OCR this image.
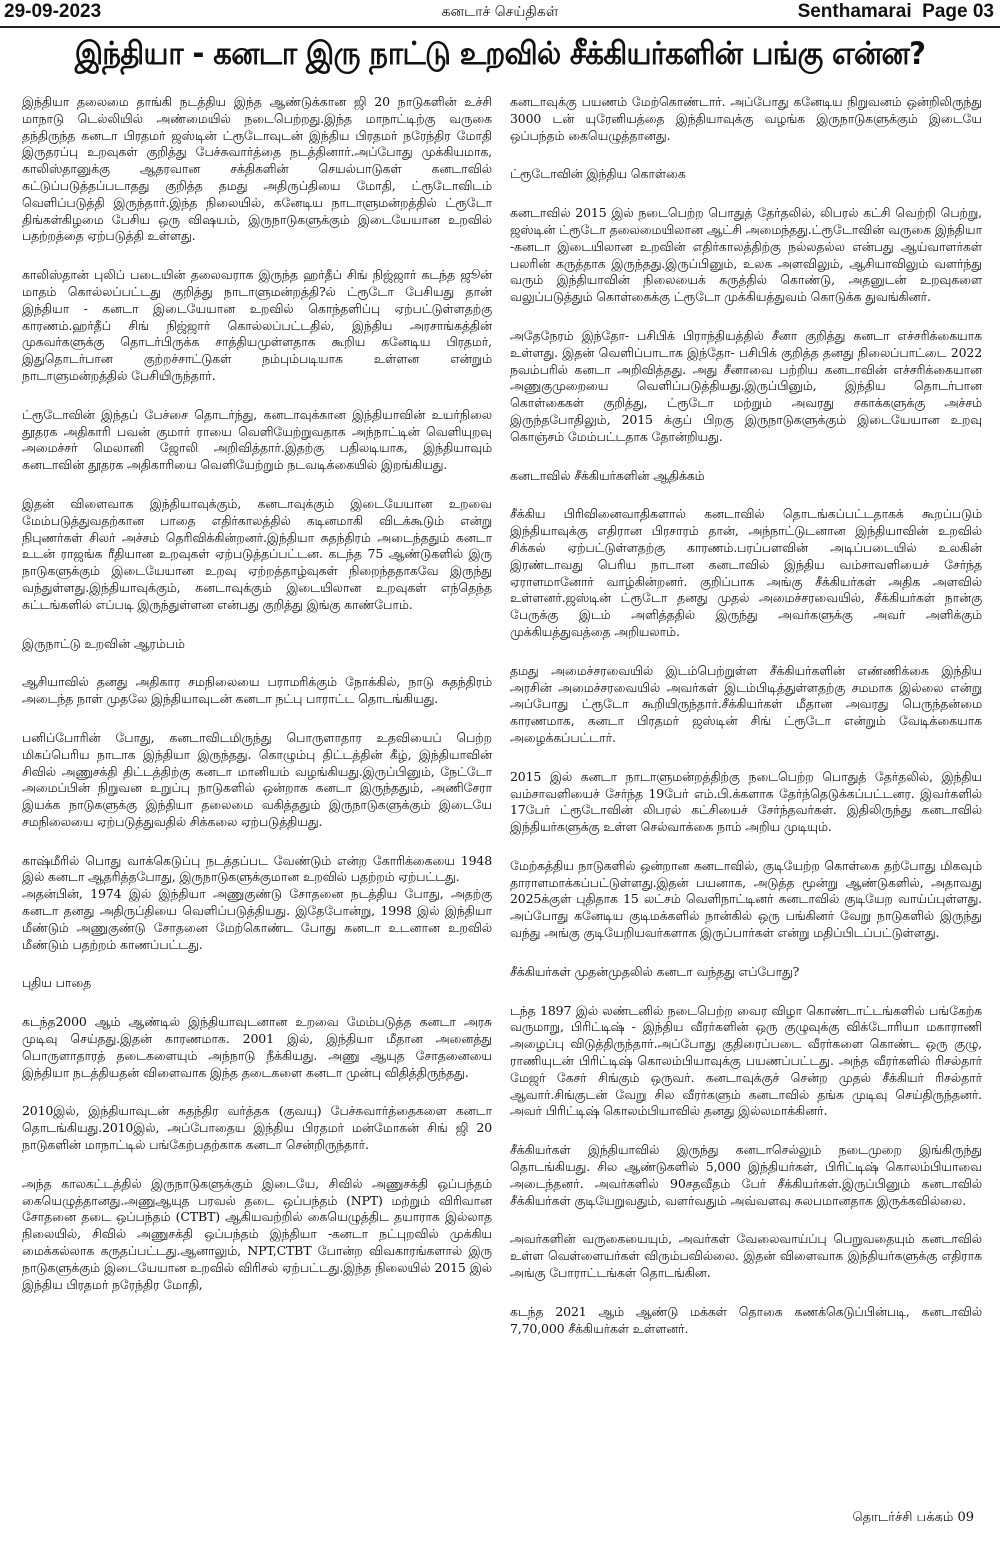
29-09-2023	கனடாச் செய்திகள்	Senthamarai Page 03
இந்தியா - கனடா இரு நாட்டு உறவில் சீக்கியர்களின் பங்கு என்ன?

இந்தியா தலைமை தாங்கி நடத்திய இந்த ஆண்டுக்கான ஜி 20 நாடுகளின் உச்சி மாநாடு டெல்லியில் அண்மையில் நடைபெற்றது.இந்த மாநாட்டிற்கு வருகை தந்திருந்த கனடா பிரதமர் ஜஸ்டின் ட்ரூடோவுடன் இந்திய பிரதமர் நரேந்திர மோதி இருதரப்பு உறவுகள் குறித்து பேச்சுவார்த்தை நடத்தினார்.அப்போது முக்கியமாக, காலிஸ்தானுக்கு ஆதரவான சக்திகளின் செயல்பாடுகள் கனடாவில் கட்டுப்படுத்தப்படாதது குறித்த தமது அதிருப்தியை மோதி, ட்ரூடோவிடம் வெளிப்படுத்தி இருந்தார்.இந்த நிலையில், கனேடிய நாடாளுமன்றத்தில் ட்ரூடோ திங்கள்கிழமை பேசிய ஒரு விஷயம், இருநாடுகளுக்கும் இடையேயான உறவில் பதற்றத்தை ஏற்படுத்தி உள்ளது.

காலிஸ்தான் புலிப் படையின் தலைவராக இருந்த ஹர்தீப் சிங் நிஜ்ஜார் கடந்த ஜூன் மாதம் கொல்லப்பட்டது குறித்து நாடாளுமன்றத்தி?ல் ட்ரூடோ பேசியது தான் இந்தியா - கனடா இடையேயான உறவில் கொந்தளிப்பு ஏற்பட்டுள்ளதற்கு காரணம்.ஹர்தீப் சிங் நிஜ்ஜார் கொல்லப்பட்டதில், இந்திய அரசாங்கத்தின் முகவர்களுக்கு தொடர்பிருக்க சாத்தியமுள்ளதாக கூறிய கனேடிய பிரதமர், இதுதொடர்பான குற்றச்சாட்டுகள் நம்பும்படியாக உள்ளன என்றும் நாடாளுமன்றத்தில் பேசியிருந்தார்.

ட்ரூடோவின் இந்தப் பேச்சை தொடர்ந்து, கனடாவுக்கான இந்தியாவின் உயர்நிலை தூதரக அதிகாரி பவன் குமார் ராயை வெளியேற்றுவதாக அந்நாட்டின் வெளியுறவு அமைச்சர் மெலானி ஜோலி அறிவித்தார்.இதற்கு பதிலடியாக, இந்தியாவும் கனடாவின் தூதரக அதிகாரியை வெளியேற்றும் நடவடிக்கையில் இறங்கியது.

இதன் விளைவாக இந்தியாவுக்கும், கனடாவுக்கும் இடையேயான உறவை மேம்படுத்துவதற்கான பாதை எதிர்காலத்தில் கடினமாகி விடக்கூடும் என்று நிபுணர்கள் சிலர் அச்சம் தெரிவிக்கின்றனர்.இந்தியா சுதந்திரம் அடைந்ததும் கனடா உடன் ராஜங்க ரீதியான உறவுகள் ஏற்படுத்தப்பட்டன. கடந்த 75 ஆண்டுகளில் இரு நாடுகளுக்கும் இடையேயான உறவு ஏற்றத்தாழ்வுகள் நிறைந்ததாகவே இருந்து வந்துள்ளது.இந்தியாவுக்கும், கனடாவுக்கும் இடையிலான உறவுகள் எந்தெந்த கட்டங்களில் எப்படி இருந்துள்ளன என்பது குறித்து இங்கு காண்போம்.

இருநாட்டு உறவின் ஆரம்பம்

ஆசியாவில் தனது அதிகார சமநிலையை பராமரிக்கும் நோக்கில், நாடு சுதந்திரம் அடைந்த நாள் முதலே இந்தியாவுடன் கனடா நட்பு பாராட்ட தொடங்கியது.

பனிப்போரின் போது, கனடாவிடமிருந்து பொருளாதார உதவியைப் பெற்ற மிகப்பெரிய நாடாக இந்தியா இருந்தது. கொழும்பு திட்டத்தின் கீழ், இந்தியாவின் சிவில் அணுசக்தி திட்டத்திற்கு கனடா மானியம் வழங்கியது.இருப்பினும், நேட்டோ அமைப்பின் நிறுவன உறுப்பு நாடுகளில் ஒன்றாக கனடா இருந்ததும், அணிசேரா இயக்க நாடுகளுக்கு இந்தியா தலைமை வகித்ததும் இருநாடுகளுக்கும் இடையே சமநிலையை ஏற்படுத்துவதில் சிக்கலை ஏற்படுத்தியது.

காஷ்மீரில் பொது வாக்கெடுப்பு நடத்தப்பட வேண்டும் என்ற கோரிக்கையை 1948 இல் கனடா ஆதரித்தபோது, இருநாடுகளுக்குமான உறவில் பதற்றம் ஏற்பட்டது.

அதன்பின், 1974 இல் இந்தியா அணுகுண்டு சோதனை நடத்திய போது, அதற்கு கனடா தனது அதிருப்தியை வெளிப்படுத்தியது. இதேபோன்று, 1998 இல் இந்தியா மீண்டும் அணுகுண்டு சோதனை மேற்கொண்ட போது கனடா உடனான உறவில் மீண்டும் பதற்றம் காணப்பட்டது.

புதிய பாதை

கடந்த2000 ஆம் ஆண்டில் இந்தியாவுடனான உறவை மேம்படுத்த கனடா அரசு முடிவு செய்தது.இதன் காரணமாக. 2001 இல், இந்தியா மீதான அனைத்து பொருளாதாரத் தடைகளையும் அந்நாடு நீக்கியது. அணு ஆயுத சோதனையை இந்தியா நடத்தியதன் விளைவாக இந்த தடைகளை கனடா முன்பு விதித்திருந்தது.

2010இல், இந்தியாவுடன் சுதந்திர வர்த்தக (குவயு) பேச்சுவார்த்தைகளை கனடா தொடங்கியது.2010இல், அப்போதைய இந்திய பிரதமர் மன்மோகன் சிங் ஜி 20 நாடுகளின் மாநாட்டில் பங்கேற்பதற்காக கனடா சென்றிருந்தார்.

அந்த காலகட்டத்தில் இருநாடுகளுக்கும் இடையே, சிவில் அணுசக்தி ஒப்பந்தம் கையெழுத்தானது.அணுஆயுத பரவல் தடை ஒப்பந்தம் (NPT) மற்றும் விரிவான சோதனை தடை ஒப்பந்தம் (CTBT) ஆகியவற்றில் கையெழுத்திட தயாராக இல்லாத நிலையில், சிவில் அணுசக்தி ஒப்பந்தம் இந்தியா -கனடா நட்புறவில் முக்கிய மைக்கல்லாக கருதப்பட்டது.ஆனாலும், NPT,CTBT போன்ற விவகாரங்களால் இரு நாடுகளுக்கும் இடையேயான உறவில் விரிசல் ஏற்பட்டது.இந்த நிலையில் 2015 இல் இந்திய பிரதமர் நரேந்திர மோதி,

கனடாவுக்கு பயணம் மேற்கொண்டார். அப்போது கனேடிய நிறுவனம் ஒன்றிலிருந்து 3000 டன் யுரேனியத்தை இந்தியாவுக்கு வழங்க இருநாடுகளுக்கும் இடையே ஒப்பந்தம் கையெழுத்தானது.

ட்ரூடோவின் இந்திய கொள்கை

கனடாவில் 2015 இல் நடைபெற்ற பொதுத் தேர்தலில், லிபரல் கட்சி வெற்றி பெற்று, ஜஸ்டின் ட்ரூடோ தலைமையிலான ஆட்சி அமைந்தது.ட்ரூடோவின் வருகை இந்தியா -கனடா இடையிலான உறவின் எதிர்காலத்திற்கு நல்லதல்ல என்பது ஆய்வாளர்கள் பலரின் கருத்தாக இருந்தது.இருப்பினும், உலக அளவிலும், ஆசியாவிலும் வளர்ந்து வரும் இந்தியாவின் நிலையைக் கருத்தில் கொண்டு, அதனுடன் உறவுகளை வலுப்படுத்தும் கொள்கைக்கு ட்ரூடோ முக்கியத்துவம் கொடுக்க துவங்கினர்.

அதேநேரம் இந்தோ- பசிபிக் பிராந்தியத்தில் சீனா குறித்து கனடா எச்சரிக்கையாக உள்ளது. இதன் வெளிப்பாடாக இந்தோ- பசிபிக் குறித்த தனது நிலைப்பாட்டை 2022 நவம்பரில் கனடா அறிவித்தது. அது சீனாவை பற்றிய கனடாவின் எச்சரிக்கையான அணுகுமுறையை வெளிப்படுத்தியது.இருப்பினும், இந்திய தொடர்பான கொள்கைகள் குறித்து, ட்ரூடோ மற்றும் அவரது சகாக்களுக்கு அச்சம் இருந்தபோதிலும், 2015 க்குப் பிறகு இருநாடுகளுக்கும் இடையேயான உறவு கொஞ்சம் மேம்பட்டதாக தோன்றியது.

கனடாவில் சீக்கியர்களின் ஆதிக்கம்

சீக்கிய பிரிவினைவாதிகளால் கனடாவில் தொடங்கப்பட்டதாகக் கூறப்படும் இந்தியாவுக்கு எதிரான பிரசாரம் தான், அந்நாட்டுடனான இந்தியாவின் உறவில் சிக்கல் ஏற்பட்டுள்ளதற்கு காரணம்.பரப்பளவின் அடிப்படையில் உலகின் இரண்டாவது பெரிய நாடான கனடாவில் இந்திய வம்சாவளியைச் சேர்ந்த ஏராளமானோர் வாழ்கின்றனர். குறிப்பாக அங்கு சீக்கியர்கள் அதிக அளவில் உள்ளனர்.ஜஸ்டின் ட்ரூடோ தனது முதல் அமைச்சரவையில், சீக்கியர்கள் நான்கு பேருக்கு இடம் அளித்ததில் இருந்து அவர்களுக்கு அவர் அளிக்கும் முக்கியத்துவத்தை அறியலாம்.

தமது அமைச்சரவையில் இடம்பெற்றுள்ள சீக்கியர்களின் எண்ணிக்கை இந்திய அரசின் அமைச்சரவையில் அவர்கள் இடம்பிடித்துள்ளதற்கு சமமாக இல்லை என்று அப்போது ட்ரூடோ கூறியிருந்தார்.சீக்கியர்கள் மீதான அவரது பெருந்தன்மை காரணமாக, கனடா பிரதமர் ஜஸ்டின் சிங் ட்ரூடோ என்றும் வேடிக்கையாக அழைக்கப்பட்டார்.

2015 இல் கனடா நாடாளுமன்றத்திற்கு நடைபெற்ற பொதுத் தேர்தலில், இந்திய வம்சாவளியைச் சேர்ந்த 19பேர் எம்.பி.க்களாக தேர்ந்தெடுக்கப்பட்டனர. இவர்களில் 17பேர் ட்ரூடோவின் லிபரல் கட்சியைச் சேர்ந்தவர்கள். இதிலிருந்து கனடாவில் இந்தியர்களுக்கு உள்ள செல்வாக்கை நாம் அறிய முடியும்.

மேற்கத்திய நாடுகளில் ஒன்றான கனடாவில், குடியேற்ற கொள்கை தற்போது மிகவும் தாராளமாக்கப்பட்டுள்ளது.இதன் பயனாக, அடுத்த மூன்று ஆண்டுகளில், அதாவது 2025க்குள் புதிதாக 15 லட்சம் வெளிநாட்டினர் கனடாவில் குடியேற வாய்ப்புள்ளது. அப்போது கனேடிய குடிமக்களில் நான்கில் ஒரு பங்கினர் வேறு நாடுகளில் இருந்து வந்து அங்கு குடியேறியவர்களாக இருப்பார்கள் என்று மதிப்பிடப்பட்டுள்ளது.

சீக்கியர்கள் முதன்முதலில் கனடா வந்தது எப்போது?

டந்த 1897 இல் லண்டனில் நடைபெற்ற வைர விழா கொண்டாட்டங்களில் பங்கேற்க வருமாறு, பிரிட்டிஷ் - இந்திய வீரர்களின் ஒரு குழுவுக்கு விக்டோரியா மகாராணி அழைப்பு விடுத்திருந்தார்.அப்போது குதிரைப்படை வீரர்களை கொண்ட ஒரு குழு, ராணியுடன் பிரிட்டிஷ் கொலம்பியாவுக்கு பயணப்பட்டது. அந்த வீரர்களில் ரிசல்தார் மேஜர் கேசர் சிங்கும் ஒருவர். கனடாவுக்குச் சென்ற முதல் சீக்கியர் ரிசல்தார் ஆவார்.சிங்குடன் வேறு சில வீரர்களும் கனடாவில் தங்க முடிவு செய்திருந்தனர். அவர் பிரிட்டிஷ் கொலம்பியாவில் தனது இல்லமாக்கினர்.

சீக்கியர்கள் இந்தியாவில் இருந்து கனடாசெல்லும் நடைமுறை இங்கிருந்து தொடங்கியது. சில ஆண்டுகளில் 5,000 இந்தியர்கள், பிரிட்டிஷ் கொலம்பியாவை அடைந்தனர். அவர்களில் 90சதவீதம் பேர் சீக்கியர்கள்.இருப்பினும் கனடாவில் சீக்கியர்கள் குடியேறுவதும், வளர்வதும் அவ்வளவு சுலபமானதாக இருக்கவில்லை.

அவர்களின் வருகையையும், அவர்கள் வேலைவாய்ப்பு பெறுவதையும் கனடாவில் உள்ள வெள்ளையர்கள் விரும்பவில்லை. இதன் விளைவாக இந்தியர்களுக்கு எதிராக அங்கு போராட்டங்கள் தொடங்கின.

கடந்த 2021 ஆம் ஆண்டு மக்கள் தொகை கணக்கெடுப்பின்படி, கனடாவில் 7,70,000 சீக்கியர்கள் உள்ளனர்.

தொடர்ச்சி பக்கம் 09
